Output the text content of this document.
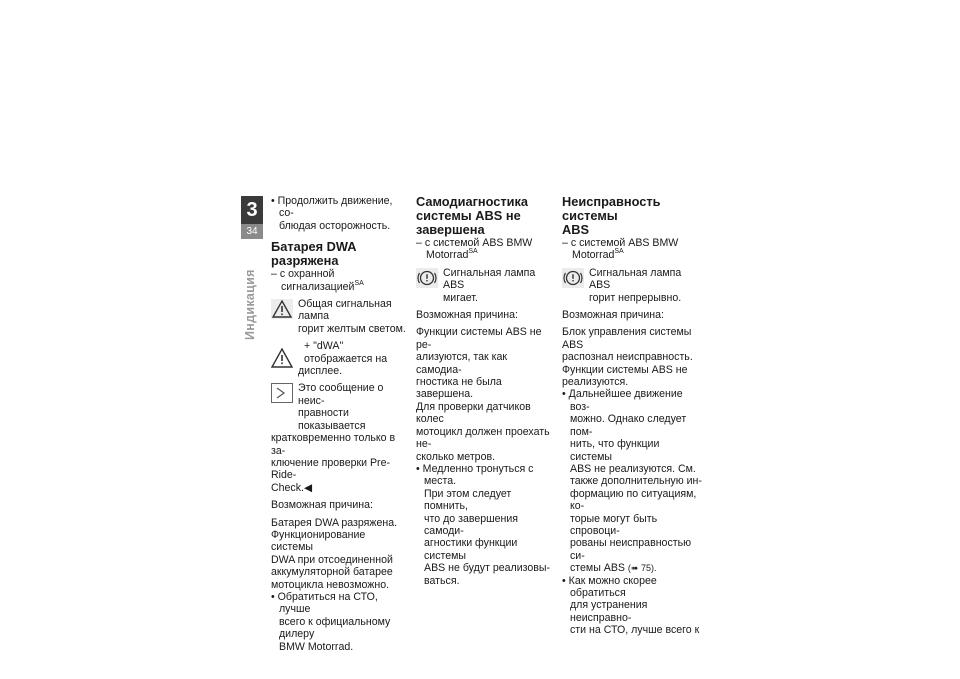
3
34
Индикация

• Продолжить движение, со-
блюдая осторожность.

Батарея DWA разряжена

– с охранной сигнализацией$^{SA}$

Общая сигнальная лампа
горит желтым светом.
+ "dWA" отображается на
дисплее.
Это сообщение о неис-
правности показывается

кратковременно только в за-
ключение проверки Pre-Ride-
Check.◀

Возможная причина:

Батарея DWA разряжена.
Функционирование системы
DWA при отсоединенной
аккумуляторной батарее
мотоцикла невозможно.

• Обратиться на СТО, лучше
всего к официальному дилеру
BMW Motorrad.

Самодиагностика
системы ABS не
завершена

– с системой ABS BMW
Motorrad$^{SA}$

Сигнальная лампа ABS
мигает.

Возможная причина:

Функции системы ABS не ре-
ализуются, так как самодиа-
гностика не была завершена.
Для проверки датчиков колес
мотоцикл должен проехать не-
сколько метров.

• Медленно тронуться с места.
При этом следует помнить,
что до завершения самоди-
агностики функции системы
ABS не будут реализовы-
ваться.

Неисправность системы
ABS

– с системой ABS BMW
Motorrad$^{SA}$

Сигнальная лампа ABS
горит непрерывно.

Возможная причина:

Блок управления системы ABS
распознал неисправность.
Функции системы ABS не
реализуются.

• Дальнейшее движение воз-
можно. Однако следует пом-
нить, что функции системы
ABS не реализуются. См.
также дополнительную ин-
формацию по ситуациям, ко-
торые могут быть спровоци-
рованы неисправностью си-
стемы ABS (➠ 75).

• Как можно скорее обратиться
для устранения неисправно-
сти на СТО, лучше всего к
